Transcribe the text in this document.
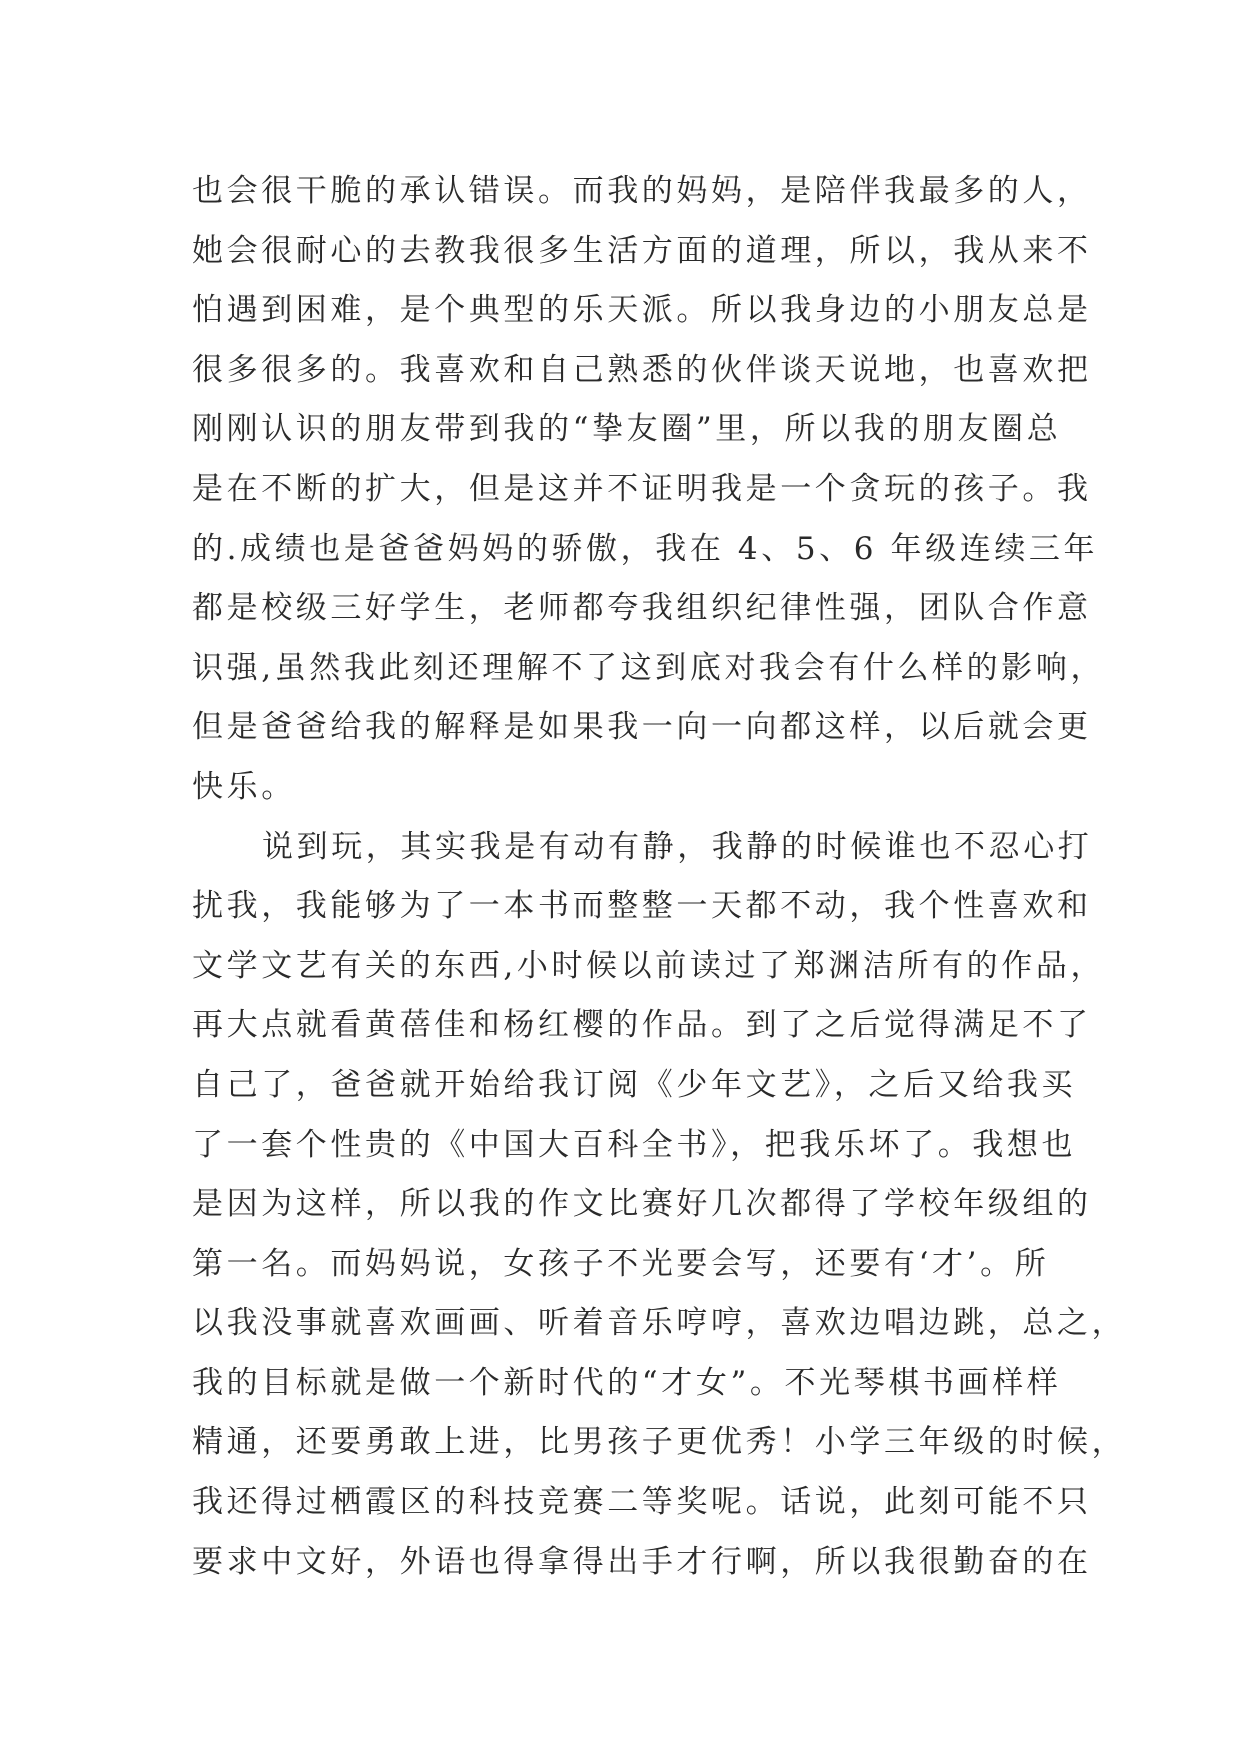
也会很干脆的承认错误。而我的妈妈，是陪伴我最多的人，
她会很耐心的去教我很多生活方面的道理，所以，我从来不
怕遇到困难，是个典型的乐天派。所以我身边的小朋友总是
很多很多的。我喜欢和自己熟悉的伙伴谈天说地，也喜欢把
刚刚认识的朋友带到我的“挚友圈”里，所以我的朋友圈总
是在不断的扩大，但是这并不证明我是一个贪玩的孩子。我
的.成绩也是爸爸妈妈的骄傲，我在 4、5、6 年级连续三年
都是校级三好学生，老师都夸我组织纪律性强，团队合作意
识强,虽然我此刻还理解不了这到底对我会有什么样的影响，
但是爸爸给我的解释是如果我一向一向都这样，以后就会更
快乐。
说到玩，其实我是有动有静，我静的时候谁也不忍心打
扰我，我能够为了一本书而整整一天都不动，我个性喜欢和
文学文艺有关的东西,小时候以前读过了郑渊洁所有的作品，
再大点就看黄蓓佳和杨红樱的作品。到了之后觉得满足不了
自己了，爸爸就开始给我订阅《少年文艺》，之后又给我买
了一套个性贵的《中国大百科全书》，把我乐坏了。我想也
是因为这样，所以我的作文比赛好几次都得了学校年级组的
第一名。而妈妈说，女孩子不光要会写，还要有‘才’。所
以我没事就喜欢画画、听着音乐哼哼，喜欢边唱边跳，总之，
我的目标就是做一个新时代的“才女”。不光琴棋书画样样
精通，还要勇敢上进，比男孩子更优秀！小学三年级的时候，
我还得过栖霞区的科技竞赛二等奖呢。话说，此刻可能不只
要求中文好，外语也得拿得出手才行啊，所以我很勤奋的在
